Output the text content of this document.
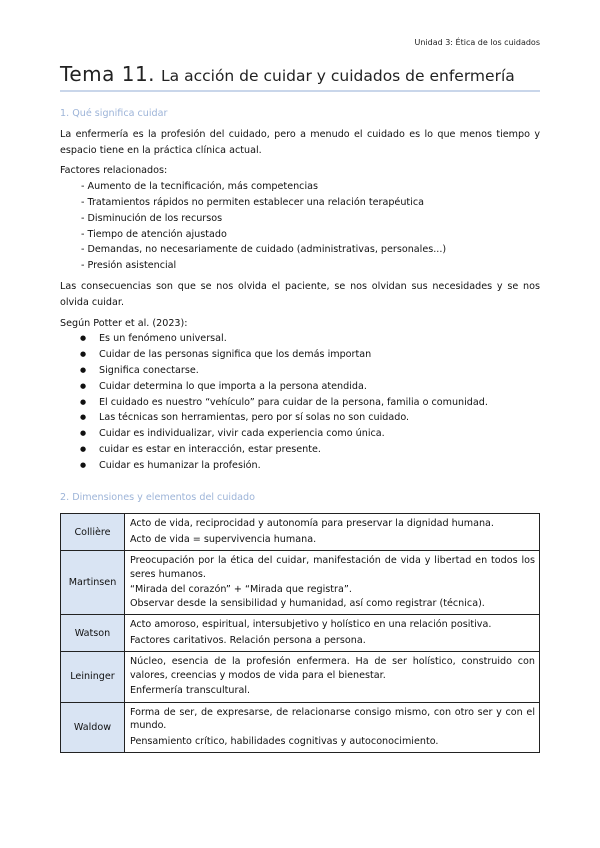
Unidad 3: Ética de los cuidados
Tema 11. La acción de cuidar y cuidados de enfermería

1. Qué significa cuidar

La enfermería es la profesión del cuidado, pero a menudo el cuidado es lo que menos tiempo y espacio tiene en la práctica clínica actual.

Factores relacionados:

- Aumento de la tecnificación, más competencias
- Tratamientos rápidos no permiten establecer una relación terapéutica
- Disminución de los recursos
- Tiempo de atención ajustado
- Demandas, no necesariamente de cuidado (administrativas, personales...)
- Presión asistencial

Las consecuencias son que se nos olvida el paciente, se nos olvidan sus necesidades y se nos olvida cuidar.

Según Potter et al. (2023):

● Es un fenómeno universal.
● Cuidar de las personas significa que los demás importan
● Significa conectarse.
● Cuidar determina lo que importa a la persona atendida.
● El cuidado es nuestro “vehículo” para cuidar de la persona, familia o comunidad.
● Las técnicas son herramientas, pero por sí solas no son cuidado.
● Cuidar es individualizar, vivir cada experiencia como única.
● cuidar es estar en interacción, estar presente.
● Cuidar es humanizar la profesión.

2. Dimensiones y elementos del cuidado

Collière	Acto de vida, reciprocidad y autonomía para preservar la dignidad humana.

Acto de vida = supervivencia humana.

Martinsen	Preocupación por la ética del cuidar, manifestación de vida y libertad en todos los seres humanos.

“Mirada del corazón” + “Mirada que registra”.
Observar desde la sensibilidad y humanidad, así como registrar (técnica).

Watson	Acto amoroso, espiritual, intersubjetivo y holístico en una relación positiva.

Factores caritativos. Relación persona a persona.

Leininger	Núcleo, esencia de la profesión enfermera. Ha de ser holístico, construido con valores, creencias y modos de vida para el bienestar.

Enfermería transcultural.

Waldow	Forma de ser, de expresarse, de relacionarse consigo mismo, con otro ser y con el mundo.

Pensamiento crítico, habilidades cognitivas y autoconocimiento.
